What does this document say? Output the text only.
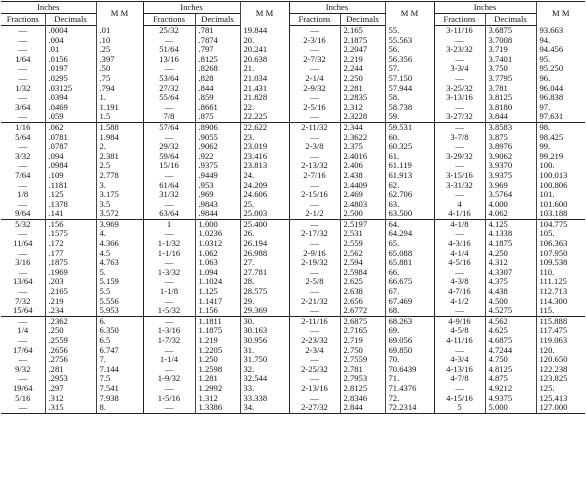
Inches		M M	Inches		M M	Inches		M M	Inches		M M
Fractions	Decimals		Fractions	Decimals		Fractions	Decimals		Fractions	Decimals	
—	.0004	.01	25/32	.781	19.844	—	2.165	55.	3-11/16	3.6875	93.663
—	.004	.10	—	.7874	20.	2-3/16	2.1875	55.563	—	3.7008	94.
—	.01	.25	51/64	.797	20.241	—	2.2047	56.	3-23/32	3.719	94.456
1/64	.0156	.397	13/16	.8125	20.638	2-7/32	2.219	56.356	—	3.7401	95.
—	.0197	.50	—	.8268	21.	—	2.244	57.	3-3/4	3.750	95.250
—	.0295	.75	53/64	.828	21.034	2-1/4	2.250	57.150	—	3.7795	96.
1/32	.03125	.794	27/32	.844	21.431	2-9/32	2.281	57.944	3-25/32	3.781	96.044
—	.0394	1.	55/64	.859	21.828	—	2.2835	58.	3-13/16	3.8125	96.838
3/64	.0469	1.191	—	.8661	22.	2-5/16	2.312	58.738	—	3.8180	97.
—	.059	1.5	7/8	.875	22.225	—	2.3228	59.	3-27/32	3.844	97.631
1/16	.062	1.588	57/64	.8906	22.622	2-11/32	2.344	59.531	—	3.8583	98.
5/64	.0781	1.984	—	.9055	23.	—	2.3622	60.	3-7/8	3.875	98.425
—	.0787	2.	29/32	.9062	23.019	2-3/8	2.375	60.325	—	3.8976	99.
3/32	.094	2.381	59/64	.922	23.416	—	2.4016	61.	3-29/32	3.9062	99.219
—	.0984	2.5	15/16	.9375	23.813	2-13/32	2.406	61.119	—	3.9370	100.
7/64	.109	2.778	—	.9449	24.	2-7/16	2.438	61.913	3-15/16	3.9375	100.013
—	.1181	3.	61/64	.953	24.209	—	2.4409	62.	3-31/32	3.969	100.806
1/8	.125	3.175	31/32	.969	24.606	2-15/16	2.469	62.706	—	3.5764	101.
—	.1378	3.5	—	.9843	25.	—	2.4803	63.	4	4.000	101.600
9/64	.141	3.572	63/64	.9844	25.003	2-1/2	2.500	63.500	4-1/16	4.062	103.188
5/32	.156	3.969	1	1.000	25.400	—	2.5197	64.	4-1/8	4.125	104.775
—	.1575	4.	—	1.0236	26.	2-17/32	2.531	64.294	—	4.1338	105.
11/64	.172	4.366	1-1/32	1.0312	26.194	—	2.559	65.	4-3/16	4.1875	106.363
—	.177	4.5	1-1/16	1.062	26.988	2-9/16	2.562	65.088	4-1/4	4.250	107.950
3/16	.1875	4.763	—	1.063	27.	2-19/32	2.594	65.881	4-5/16	4.312	109.538
—	.1969	5.	1-3/32	1.094	27.781	—	2.5984	66.	—	4.3307	110.
13/64	.203	5.159	—	1.1024	28.	2-5/8	2.625	66.675	4-3/8	4.375	111.125
—	.2165	5.5	1-1/8	1.125	28.575	—	2.638	67.	4-7/16	4.438	112.713
7/32	.219	5.556	—	1.1417	29.	2-21/32	2.656	67.469	4-1/2	4.500	114.300
15/64	.234	5.953	1-5/32	1.156	29.369	—	2.6772	68.	—	4.5275	115.
—	.2362	6.	—	1.1811	30.	2-11/16	2.6875	68.263	4-9/16	4.562	115.888
1/4	.250	6.350	1-3/16	1.1875	30.163	—	2.7165	69.	4-5/8	4.625	117.475
—	.2559	6.5	1-7/32	1.219	30.956	2-23/32	2.719	69.056	4-11/16	4.6875	119.063
17/64	.2656	6.747	—	1.2205	31.	2-3/4	2.750	69.850	—	4.7244	120.
—	.2756	7.	1-1/4	1.250	31.750	—	2.7559	70.	4-3/4	4.750	120.650
9/32	.281	7.144	—	1.2598	32.	2-25/32	2.781	70.6439	4-13/16	4.8125	122.238
—	.2953	7.5	1-9/32	1.281	32.544	—	2.7953	71.	4-7/8	4.875	123.825
19/64	.297	7.541	—	1.2992	33.	2-13/16	2.8125	71.4376	—	4.9212	125.
5/16	.312	7.938	1-5/16	1.312	33.338	—	2.8346	72.	4-15/16	4.9375	125.413
—	.315	8.	—	1.3386	34.	2-27/32	2.844	72.2314	5	5.000	127.000
